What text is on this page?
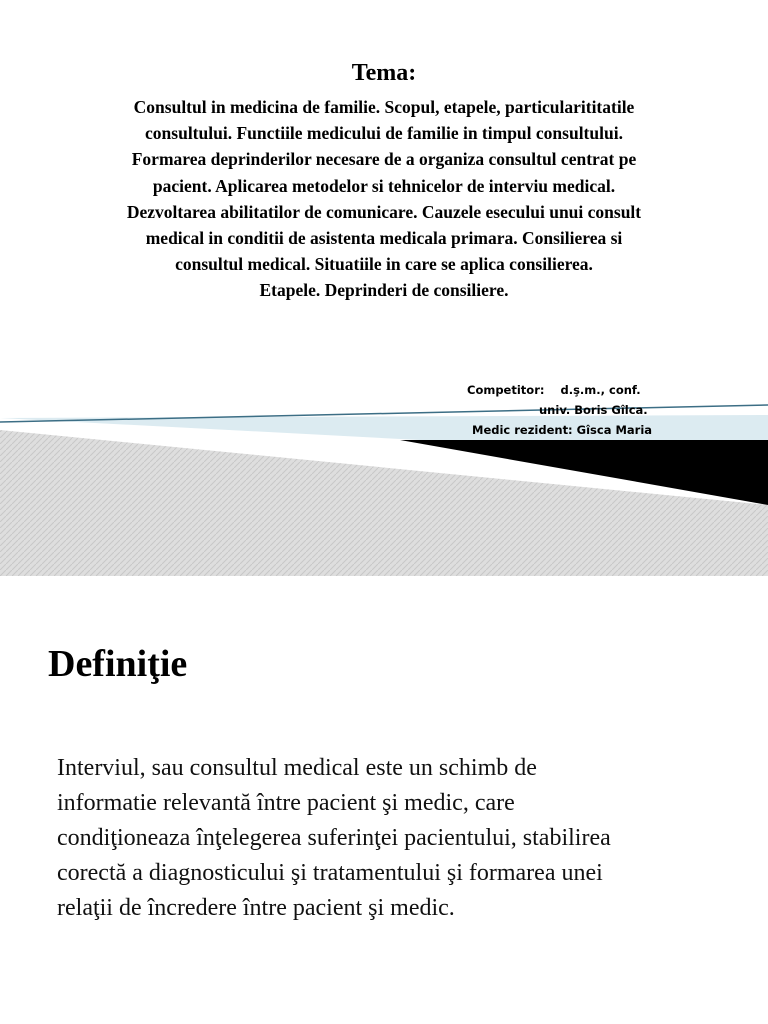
Tema:
Consultul in medicina de familie. Scopul, etapele, particularititatile
consultului. Functiile medicului de familie in timpul consultului.
Formarea deprinderilor necesare de a organiza consultul centrat pe
pacient. Aplicarea metodelor si tehnicelor de interviu medical.
Dezvoltarea abilitatilor de comunicare. Cauzele esecului unui consult
medical in conditii de asistenta medicala primara. Consilierea si
consultul medical. Situatiile in care se aplica consilierea.
Etapele. Deprinderi de consiliere.
Competitor:    d.ş.m., conf.
univ. Boris Gîlca.
Medic rezident: Gîsca Maria
Definiţie
Interviul, sau consultul medical este un schimb de
informatie relevantă între pacient şi medic, care
condiţioneaza înţelegerea suferinţei pacientului, stabilirea
corectă a diagnosticului şi tratamentului şi formarea unei
relaţii de încredere între pacient şi medic.
